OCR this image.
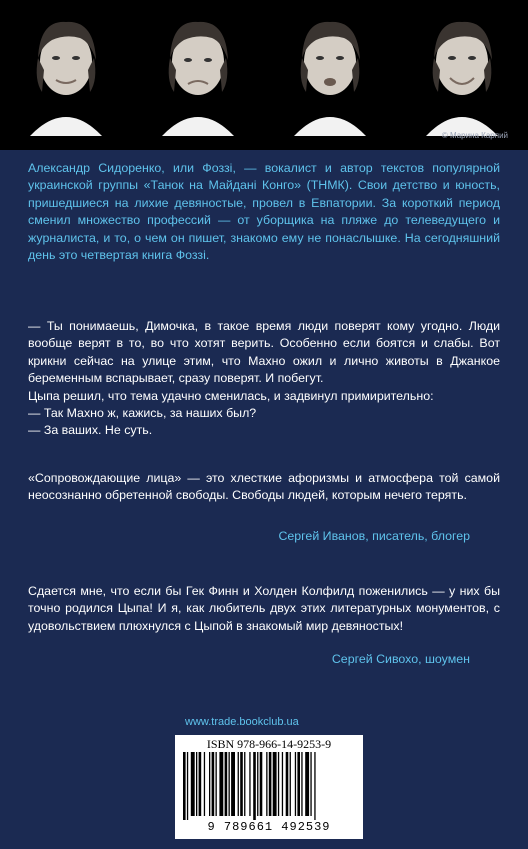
© Марина Карпий
Александр Сидоренко, или Фоззі, — вокалист и автор текстов популярной украинской группы «Танок на Майдані Конго» (ТНМК). Свои детство и юность, пришедшиеся на лихие девяностые, провел в Евпатории. За короткий период сменил множество профессий — от уборщика на пляже до телеведущего и журналиста, и то, о чем он пишет, знакомо ему не понаслышке. На сегодняшний день это четвертая книга Фоззі.

— Ты понимаешь, Димочка, в такое время люди поверят кому угодно. Люди вообще верят в то, во что хотят верить. Особенно если боятся и слабы. Вот крикни сейчас на улице этим, что Махно ожил и лично животы в Джанкое беременным вспарывает, сразу поверят. И побегут.

Цыпа решил, что тема удачно сменилась, и задвинул примирительно:

— Так Махно ж, кажись, за наших был?

— За ваших. Не суть.

«Сопровождающие лица» — это хлесткие афоризмы и атмосфера той самой неосознанно обретенной свободы. Свободы людей, которым нечего терять.
Сергей Иванов, писатель, блогер
Сдается мне, что если бы Гек Финн и Холден Колфилд поженились — у них бы точно родился Цыпа! И я, как любитель двух этих литературных монументов, с удовольствием плюхнулся с Цыпой в знакомый мир девяностых!
Сергей Сивохо, шоумен
www.trade.bookclub.ua
ISBN 978-966-14-9253-9
9 789661 492539
